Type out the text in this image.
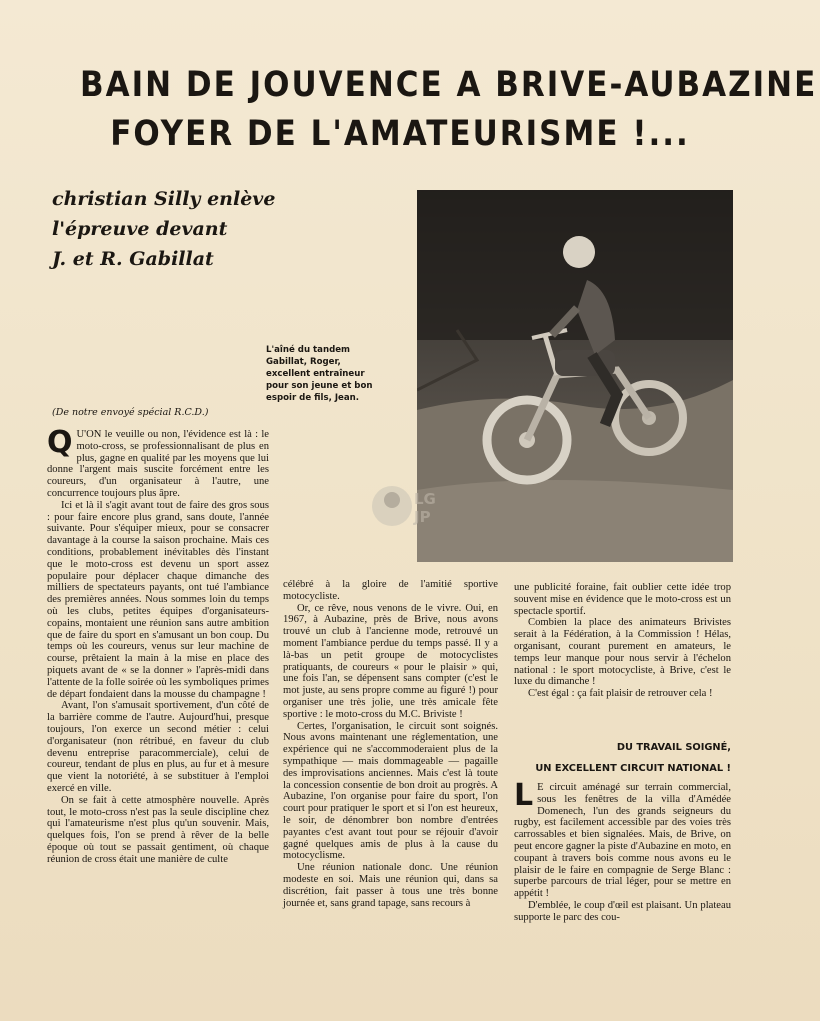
BAIN DE JOUVENCE A BRIVE-AUBAZINE
FOYER DE L'AMATEURISME !...
christian Silly enlève
l'épreuve devant
J. et R. Gabillat
L'aîné du tandem Gabillat, Roger, excellent entraîneur pour son jeune et bon espoir de fils, Jean.
(De notre envoyé spécial R.C.D.)
LG
JP

Q U'ON le veuille ou non, l'évidence est là : le moto-cross, se professionnalisant de plus en plus, gagne en qualité par les moyens que lui donne l'argent mais suscite forcément entre les coureurs, d'un organisateur à l'autre, une concurrence toujours plus âpre.

Ici et là il s'agit avant tout de faire des gros sous : pour faire encore plus grand, sans doute, l'année suivante. Pour s'équiper mieux, pour se consacrer davantage à la course la saison prochaine. Mais ces conditions, probablement inévitables dès l'instant que le moto-cross est devenu un sport assez populaire pour déplacer chaque dimanche des milliers de spectateurs payants, ont tué l'ambiance des premières années. Nous sommes loin du temps où les clubs, petites équipes d'organisateurs-copains, montaient une réunion sans autre ambition que de faire du sport en s'amusant un bon coup. Du temps où les coureurs, venus sur leur machine de course, prêtaient la main à la mise en place des piquets avant de « se la donner » l'après-midi dans l'attente de la folle soirée où les symboliques primes de départ fondaient dans la mousse du champagne !

Avant, l'on s'amusait sportivement, d'un côté de la barrière comme de l'autre. Aujourd'hui, presque toujours, l'on exerce un second métier : celui d'organisateur (non rétribué, en faveur du club devenu entreprise paracommerciale), celui de coureur, tendant de plus en plus, au fur et à mesure que vient la notoriété, à se substituer à l'emploi exercé en ville.

On se fait à cette atmosphère nouvelle. Après tout, le moto-cross n'est pas la seule discipline chez qui l'amateurisme n'est plus qu'un souvenir. Mais, quelques fois, l'on se prend à rêver de la belle époque où tout se passait gentiment, où chaque réunion de cross était une manière de culte

célébré à la gloire de l'amitié sportive motocycliste.

Or, ce rêve, nous venons de le vivre. Oui, en 1967, à Aubazine, près de Brive, nous avons trouvé un club à l'ancienne mode, retrouvé un moment l'ambiance perdue du temps passé. Il y a là-bas un petit groupe de motocyclistes pratiquants, de coureurs « pour le plaisir » qui, une fois l'an, se dépensent sans compter (c'est le mot juste, au sens propre comme au figuré !) pour organiser une très jolie, une très amicale fête sportive : le moto-cross du M.C. Briviste !

Certes, l'organisation, le circuit sont soignés. Nous avons maintenant une réglementation, une expérience qui ne s'accommoderaient plus de la sympathique — mais dommageable — pagaille des improvisations anciennes. Mais c'est là toute la concession consentie de bon droit au progrès. A Aubazine, l'on organise pour faire du sport, l'on court pour pratiquer le sport et si l'on est heureux, le soir, de dénombrer bon nombre d'entrées payantes c'est avant tout pour se réjouir d'avoir gagné quelques amis de plus à la cause du motocyclisme.

Une réunion nationale donc. Une réunion modeste en soi. Mais une réunion qui, dans sa discrétion, fait passer à tous une très bonne journée et, sans grand tapage, sans recours à

une publicité foraine, fait oublier cette idée trop souvent mise en évidence que le moto-cross est un spectacle sportif.

Combien la place des animateurs Brivistes serait à la Fédération, à la Commission ! Hélas, organisant, courant purement en amateurs, le temps leur manque pour nous servir à l'échelon national : le sport motocycliste, à Brive, c'est le luxe du dimanche !

C'est égal : ça fait plaisir de retrouver cela !

DU TRAVAIL SOIGNÉ,
UN EXCELLENT CIRCUIT NATIONAL !

L E circuit aménagé sur terrain commercial, sous les fenêtres de la villa d'Amédée Domenech, l'un des grands seigneurs du rugby, est facilement accessible par des voies très carrossables et bien signalées. Mais, de Brive, on peut encore gagner la piste d'Aubazine en moto, en coupant à travers bois comme nous avons eu le plaisir de le faire en compagnie de Serge Blanc : superbe parcours de trial léger, pour se mettre en appétit !

D'emblée, le coup d'œil est plaisant. Un plateau supporte le parc des cou-
